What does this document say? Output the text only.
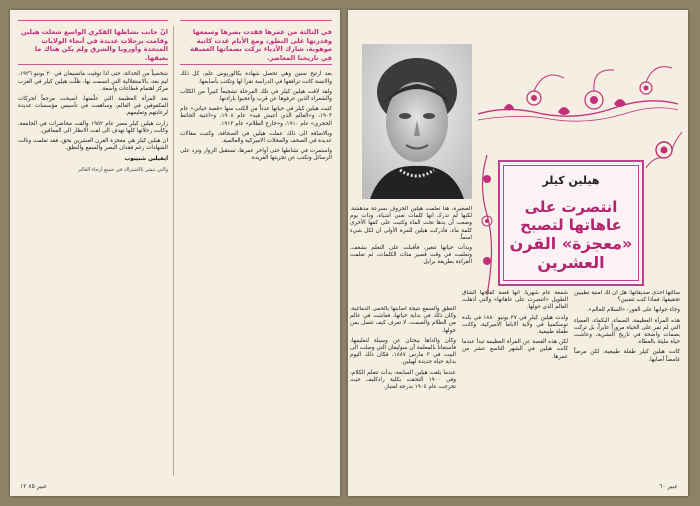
انّ جانب نشاطها الفكري الواسع شغلت هيلين وقامت برحلات عديدة في أنحاء الولايات المتحدة وأوروبا والشرق ولم يكن هناك ما يعيقها.

شخصياً من الحداثة، حتى اذا توفيت ماتسيفان في ٢٠ يونيو ١٩٣٦، ليم بعد، بالاستقلالية التي اتسمت بها، ظلّت هيلين كيلر في الغرب مركز اهتمام قطاعات واسعة.

بعد المرأة العظيمة التي علّمتها، اصبحت مرجعاً لحركات المكفوفين في العالم، وساهمت في تأسيس مؤسسات عديدة لرعايتهم وتعليمهم.

زارت هيلين كيلر مصر عام ١٩٥٢ والقت محاضرات في الجامعة، وكانت رحلاتها كلها تهدف الى لفت الانظار الى المعاقين.

ان هيلين كيلر هي معجزة القرن العشرين بحق، فقد تعلمت ونالت الشهادات رغم فقدان البصر والسمع والنطق.

ايفيلين شبيبوب

والتي تنشر بالاشتراك في جميع أرجاء العالم

في الثالثة من عمرها فقدت بصرها وسمعها وقدرتها على النطق، ومع الأيام غدت كاتبة موهوبة، شارك الأدباء تركت بصماتها العميقة في تاريخنا المعاصر.

بعد ارتيح سنين وهي تحصل شهادة بكالوريوس علم، كل ذلك والانسة كانت ترافقها في الدراسة تقرأ لها وتكتب بأصابعها.

ولقد لاقت هيلين كيلر في تلك المرحلة تشجيعاً كبيراً من الكتّاب والشعراء الذين عرفوها عن قرب وأعجبوا بارادتها.

كتبت هيلين كيلر في حياتها عدداً من الكتب منها «قصة حياتي» عام ١٩٠٣، و«العالم الذي أعيش فيه» عام ١٩٠٨، و«اغنية الحائط الحجري» عام ١٩١٠، و«خارج الظلام» عام ١٩١٣.

وبالاضافة الى ذلك عملت هيلين في الصحافة، وكتبت مقالات عديدة في الصحف والمجلات الاميركية والعالمية.

واستمرت في نشاطها حتى أواخر عمرها، تستقبل الزوار وترد على الرسائل وتكتب عن تجربتها الفريدة.

عبير ٨٥ ١٢
هيلين كيلر
انتصرت على عاهاتها لتصبح
«معجزة» القرن العشرين

الصغيرة، هنا تعلمت هيلين الحروف بسرعة مدهشة، لكنها لم تدرك انها كلمات تعني أشياء، وذات يوم وضعت آن يدها تحت الماء وكتبت على كفها الأخرى كلمة ماء، فأدركت هيلين للمرة الأولى ان لكل شيء اسماً.

وبدأت حياتها تتغير، فأقبلت على التعلم بشغف، وتعلمت في وقت قصير مئات الكلمات، ثم تعلمت القراءة بطريقة برايل.

النطق والسمع نتيجة اصابتها بالحمى الدماغية، وكان ذلك في بداية حياتها، فعاشت في عالم من الظلام والصمت، لا تعرف كيف تتصل بمن حولها.

وكان والداها يبحثان عن وسيلة لتعليمها، فاستعانا بالمعلمة آن سوليفان التي وصلت الى البيت في ٣ مارس ١٨٨٧، فكان ذلك اليوم بداية حياة جديدة لهيلين.

عندما بلغت هيلين السابعة، بدأت تتعلم الكلام، وفي ١٩٠٠ التحقت بكلية رادكليف حيث تخرجت عام ١٩٠٤ بدرجة امتياز.

شمعة عام شهرياً. انها قصة كفاحها الشاق الطويل «انتصرت على عاهاتها» والتي أذهلت العالم الذي حولها.

ولدت هيلين كيلر في ٢٧ يونيو ١٨٨٠ في بلدة توسكمبيا في ولاية ألاباما الاميركية، وكانت طفلة طبيعية.

لكن هذه القصة عن المرأة العظيمة تبدأ عندما كانت هيلين في الشهر التاسع عشر من عمرها.

سألتها احدى صديقاتها: هل أن لك امنية تطيبين تحقيقها، فماذا كنت تتمنين؟

وجاء جوابها على الفور: «السلام للعالم».

هذه المرأة العظيمة، الصماء، البكماء، العمياء التي لم تمر على الحياة مروراً عابراً، بل تركت بصمات واضحة في تاريخ البشرية، وعاشت حياة مليئة بالعطاء.

كانت هيلين كيلر طفلة طبيعية، لكن مرضاً غامضاً أصابها.

عبير ٦٠
